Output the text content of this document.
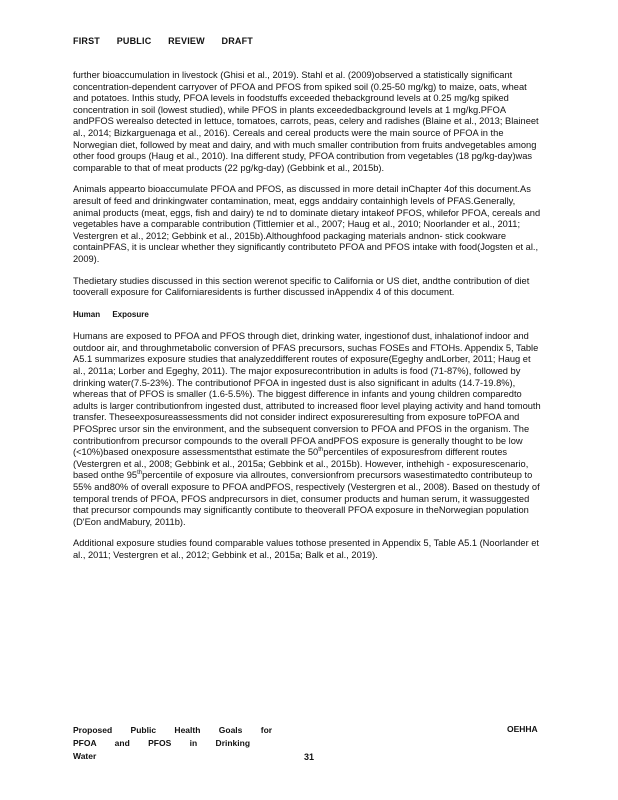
FIRST PUBLIC REVIEW DRAFT

further bioaccumulation in livestock (Ghisi et al., 2019). Stahl et al. (2009)observed a statistically significant concentration-dependent carryover of PFOA and PFOS from spiked soil (0.25-50 mg/kg) to maize, oats, wheat and potatoes. Inthis study, PFOA levels in foodstuffs exceeded thebackground levels at 0.25 mg/kg spiked concentration in soil (lowest studied), while PFOS in plants exceededbackground levels at 1 mg/kg.PFOA andPFOS werealso detected in lettuce, tomatoes, carrots, peas, celery and radishes (Blaine et al., 2013; Blaineet al., 2014; Bizkarguenaga et al., 2016). Cereals and cereal products were the main source of PFOA in the Norwegian diet, followed by meat and dairy, and with much smaller contribution from fruits andvegetables among other food groups (Haug et al., 2010). Ina different study, PFOA contribution from vegetables (18 pg/kg-day)was comparable to that of meat products (22 pg/kg-day) (Gebbink et al., 2015b).

Animals appearto bioaccumulate PFOA and PFOS, as discussed in more detail inChapter 4of this document.As aresult of feed and drinkingwater contamination, meat, eggs anddairy containhigh levels of PFAS.Generally, animal products (meat, eggs, fish and dairy) te nd to dominate dietary intakeof PFOS, whilefor PFOA, cereals and vegetables have a comparable contribution (Tittlemier et al., 2007; Haug et al., 2010; Noorlander et al., 2011; Vestergren et al., 2012; Gebbink et al., 2015b).Althoughfood packaging materials andnon- stick cookware containPFAS, it is unclear whether they significantly contributeto PFOA and PFOS intake with food(Jogsten et al., 2009).

Thedietary studies discussed in this section werenot specific to California or US diet, andthe contribution of diet tooverall exposure for Californiaresidents is further discussed inAppendix 4 of this document.

Human Exposure

Humans are exposed to PFOA and PFOS through diet, drinking water, ingestionof dust, inhalationof indoor and outdoor air, and throughmetabolic conversion of PFAS precursors, suchas FOSEs and FTOHs. Appendix 5, Table A5.1 summarizes exposure studies that analyzeddifferent routes of exposure(Egeghy andLorber, 2011; Haug et al., 2011a; Lorber and Egeghy, 2011). The major exposurecontribution in adults is food (71-87%), followed by drinking water(7.5-23%). The contributionof PFOA in ingested dust is also significant in adults (14.7-19.8%), whereas that of PFOS is smaller (1.6-5.5%). The biggest difference in infants and young children comparedto adults is larger contributionfrom ingested dust, attributed to increased floor level playing activity and hand tomouth transfer. Theseexposureassessments did not consider indirect exposureresulting from exposure toPFOA and PFOSprec ursor sin the environment, and the subsequent conversion to PFOA and PFOS in the organism. The contributionfrom precursor compounds to the overall PFOA andPFOS exposure is generally thought to be low (<10%)based onexposure assessmentsthat estimate the 50thpercentiles of exposuresfrom different routes (Vestergren et al., 2008; Gebbink et al., 2015a; Gebbink et al., 2015b). However, inthehigh - exposurescenario, based onthe 95thpercentile of exposure via allroutes, conversionfrom precursors wasestimatedto contributeup to 55% and80% of overall exposure to PFOA andPFOS, respectively (Vestergren et al., 2008). Based on thestudy of temporal trends of PFOA, PFOS andprecursors in diet, consumer products and human serum, it wassuggested that precursor compounds may significantly contibute to theoverall PFOA exposure in theNorwegian population (D'Eon andMabury, 2011b).

Additional exposure studies found comparable values tothose presented in Appendix 5, Table A5.1 (Noorlander et al., 2011; Vestergren et al., 2012; Gebbink et al., 2015a; Balk et al., 2019).

Proposed Public Health Goals for
PFOA and PFOS in Drinking Water
OEHHA
31
